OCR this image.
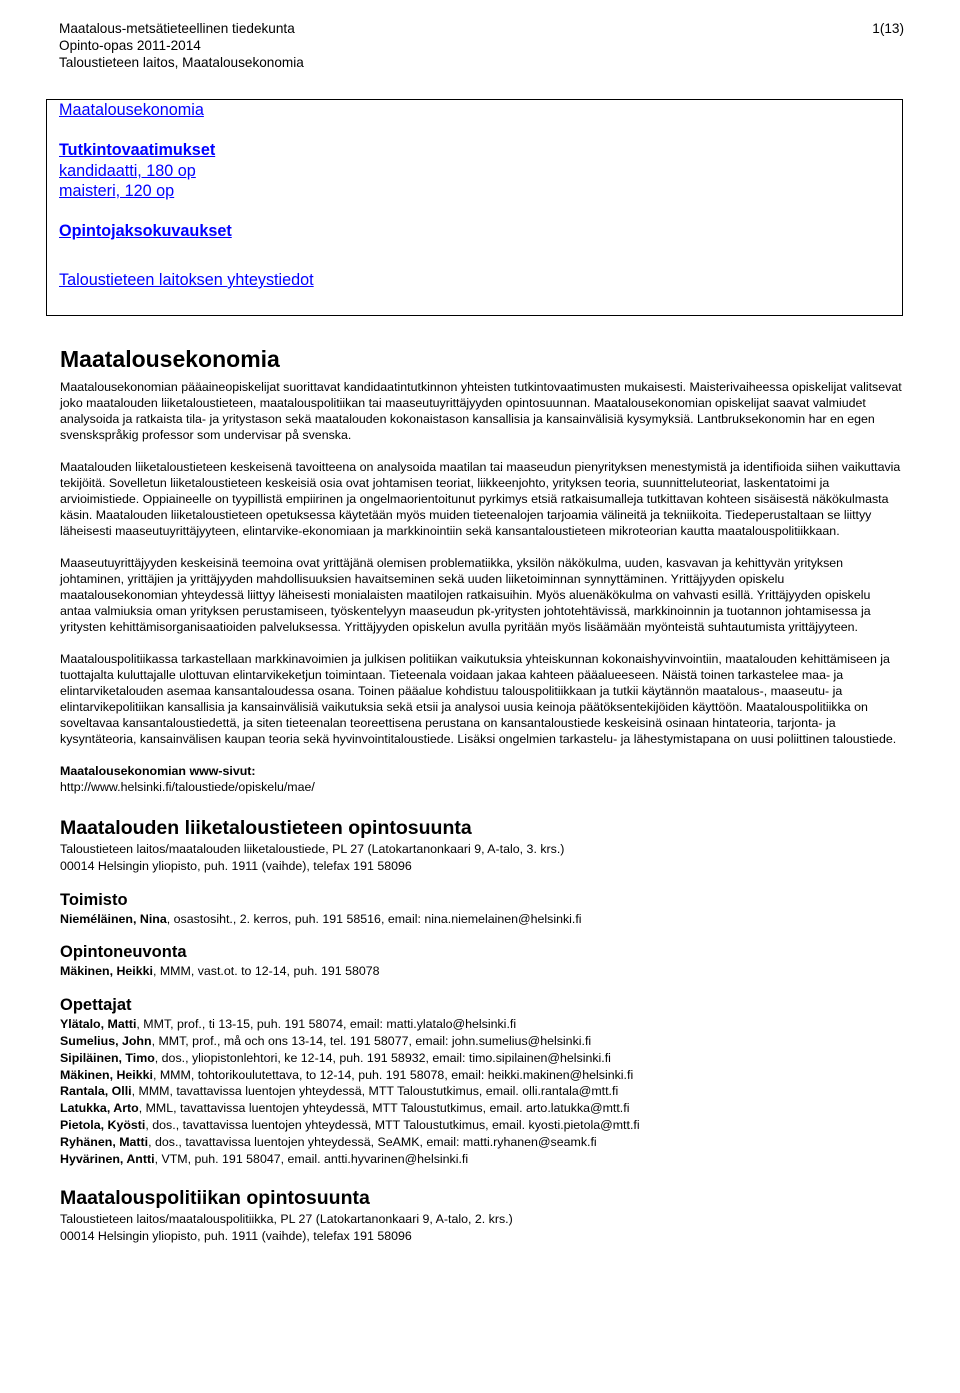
Maatalous-metsätieteellinen tiedekunta
Opinto-opas 2011-2014
Taloustieteen laitos, Maatalousekonomia
1(13)
Maatalousekonomia
Tutkintovaatimukset
kandidaatti, 180 op
maisteri, 120 op
Opintojaksokuvaukset
Taloustieteen laitoksen yhteystiedot
Maatalousekonomia

Maatalousekonomian pääaineopiskelijat suorittavat kandidaatintutkinnon yhteisten tutkintovaatimusten mukaisesti. Maisterivaiheessa opiskelijat valitsevat joko maatalouden liiketaloustieteen, maatalouspolitiikan tai maaseutuyrittäjyyden opintosuunnan. Maatalousekonomian opiskelijat saavat valmiudet analysoida ja ratkaista tila- ja yritystason sekä maatalouden kokonaistason kansallisia ja kansainvälisiä kysymyksiä. Lantbruksekonomin har en egen svenskspråkig professor som undervisar på svenska.

Maatalouden liiketaloustieteen keskeisenä tavoitteena on analysoida maatilan tai maaseudun pienyrityksen menestymistä ja identifioida siihen vaikuttavia tekijöitä. Sovelletun liiketaloustieteen keskeisiä osia ovat johtamisen teoriat, liikkeenjohto, yrityksen teoria, suunnitteluteoriat, laskentatoimi ja arvioimistiede. Oppiaineelle on tyypillistä empiirinen ja ongelmaorientoitunut pyrkimys etsiä ratkaisumalleja tutkittavan kohteen sisäisestä näkökulmasta käsin. Maatalouden liiketaloustieteen opetuksessa käytetään myös muiden tieteenalojen tarjoamia välineitä ja tekniikoita. Tiedeperustaltaan se liittyy läheisesti maaseutuyrittäjyyteen, elintarvike-ekonomiaan ja markkinointiin sekä kansantaloustieteen mikroteorian kautta maatalouspolitiikkaan.

Maaseutuyrittäjyyden keskeisinä teemoina ovat yrittäjänä olemisen problematiikka, yksilön näkökulma, uuden, kasvavan ja kehittyvän yrityksen johtaminen, yrittäjien ja yrittäjyyden mahdollisuuksien havaitseminen sekä uuden liiketoiminnan synnyttäminen. Yrittäjyyden opiskelu maatalousekonomian yhteydessä liittyy läheisesti monialaisten maatilojen ratkaisuihin. Myös aluenäkökulma on vahvasti esillä. Yrittäjyyden opiskelu antaa valmiuksia oman yrityksen perustamiseen, työskentelyyn maaseudun pk-yritysten johtotehtävissä, markkinoinnin ja tuotannon johtamisessa ja yritysten kehittämisorganisaatioiden palveluksessa. Yrittäjyyden opiskelun avulla pyritään myös lisäämään myönteistä suhtautumista yrittäjyyteen.

Maatalouspolitiikassa tarkastellaan markkinavoimien ja julkisen politiikan vaikutuksia yhteiskunnan kokonaishyvinvointiin, maatalouden kehittämiseen ja tuottajalta kuluttajalle ulottuvan elintarvikeketjun toimintaan. Tieteenala voidaan jakaa kahteen pääalueeseen. Näistä toinen tarkastelee maa- ja elintarviketalouden asemaa kansantaloudessa osana. Toinen pääalue kohdistuu talouspolitiikkaan ja tutkii käytännön maatalous-, maaseutu- ja elintarvikepolitiikan kansallisia ja kansainvälisiä vaikutuksia sekä etsii ja analysoi uusia keinoja päätöksentekijöiden käyttöön. Maatalouspolitiikka on soveltavaa kansantaloustiedettä, ja siten tieteenalan teoreettisena perustana on kansantaloustiede keskeisinä osinaan hintateoria, tarjonta- ja kysyntäteoria, kansainvälisen kaupan teoria sekä hyvinvointitaloustiede. Lisäksi ongelmien tarkastelu- ja lähestymistapana on uusi poliittinen taloustiede.

Maatalousekonomian www-sivut:

http://www.helsinki.fi/taloustiede/opiskelu/mae/

Maatalouden liiketaloustieteen opintosuunta
Taloustieteen laitos/maatalouden liiketaloustiede, PL 27 (Latokartanonkaari 9, A-talo, 3. krs.)
00014 Helsingin yliopisto, puh. 1911 (vaihde), telefax 191 58096
Toimisto
Nieméläinen, Nina, osastosiht., 2. kerros, puh. 191 58516, email: nina.niemelainen@helsinki.fi
Opintoneuvonta
Mäkinen, Heikki, MMM, vast.ot. to 12-14, puh. 191 58078
Opettajat
Ylätalo, Matti, MMT, prof., ti 13-15, puh. 191 58074, email: matti.ylatalo@helsinki.fi
Sumelius, John, MMT, prof., må och ons 13-14, tel. 191 58077, email: john.sumelius@helsinki.fi
Sipiläinen, Timo, dos., yliopistonlehtori, ke 12-14, puh. 191 58932, email: timo.sipilainen@helsinki.fi
Mäkinen, Heikki, MMM, tohtorikoulutettava, to 12-14, puh. 191 58078, email: heikki.makinen@helsinki.fi
Rantala, Olli, MMM, tavattavissa luentojen yhteydessä, MTT Taloustutkimus, email. olli.rantala@mtt.fi
Latukka, Arto, MML, tavattavissa luentojen yhteydessä, MTT Taloustutkimus, email. arto.latukka@mtt.fi
Pietola, Kyösti, dos., tavattavissa luentojen yhteydessä, MTT Taloustutkimus, email. kyosti.pietola@mtt.fi
Ryhänen, Matti, dos., tavattavissa luentojen yhteydessä, SeAMK, email: matti.ryhanen@seamk.fi
Hyvärinen, Antti, VTM, puh. 191 58047, email. antti.hyvarinen@helsinki.fi
Maatalouspolitiikan opintosuunta
Taloustieteen laitos/maatalouspolitiikka, PL 27 (Latokartanonkaari 9, A-talo, 2. krs.)
00014 Helsingin yliopisto, puh. 1911 (vaihde), telefax 191 58096
